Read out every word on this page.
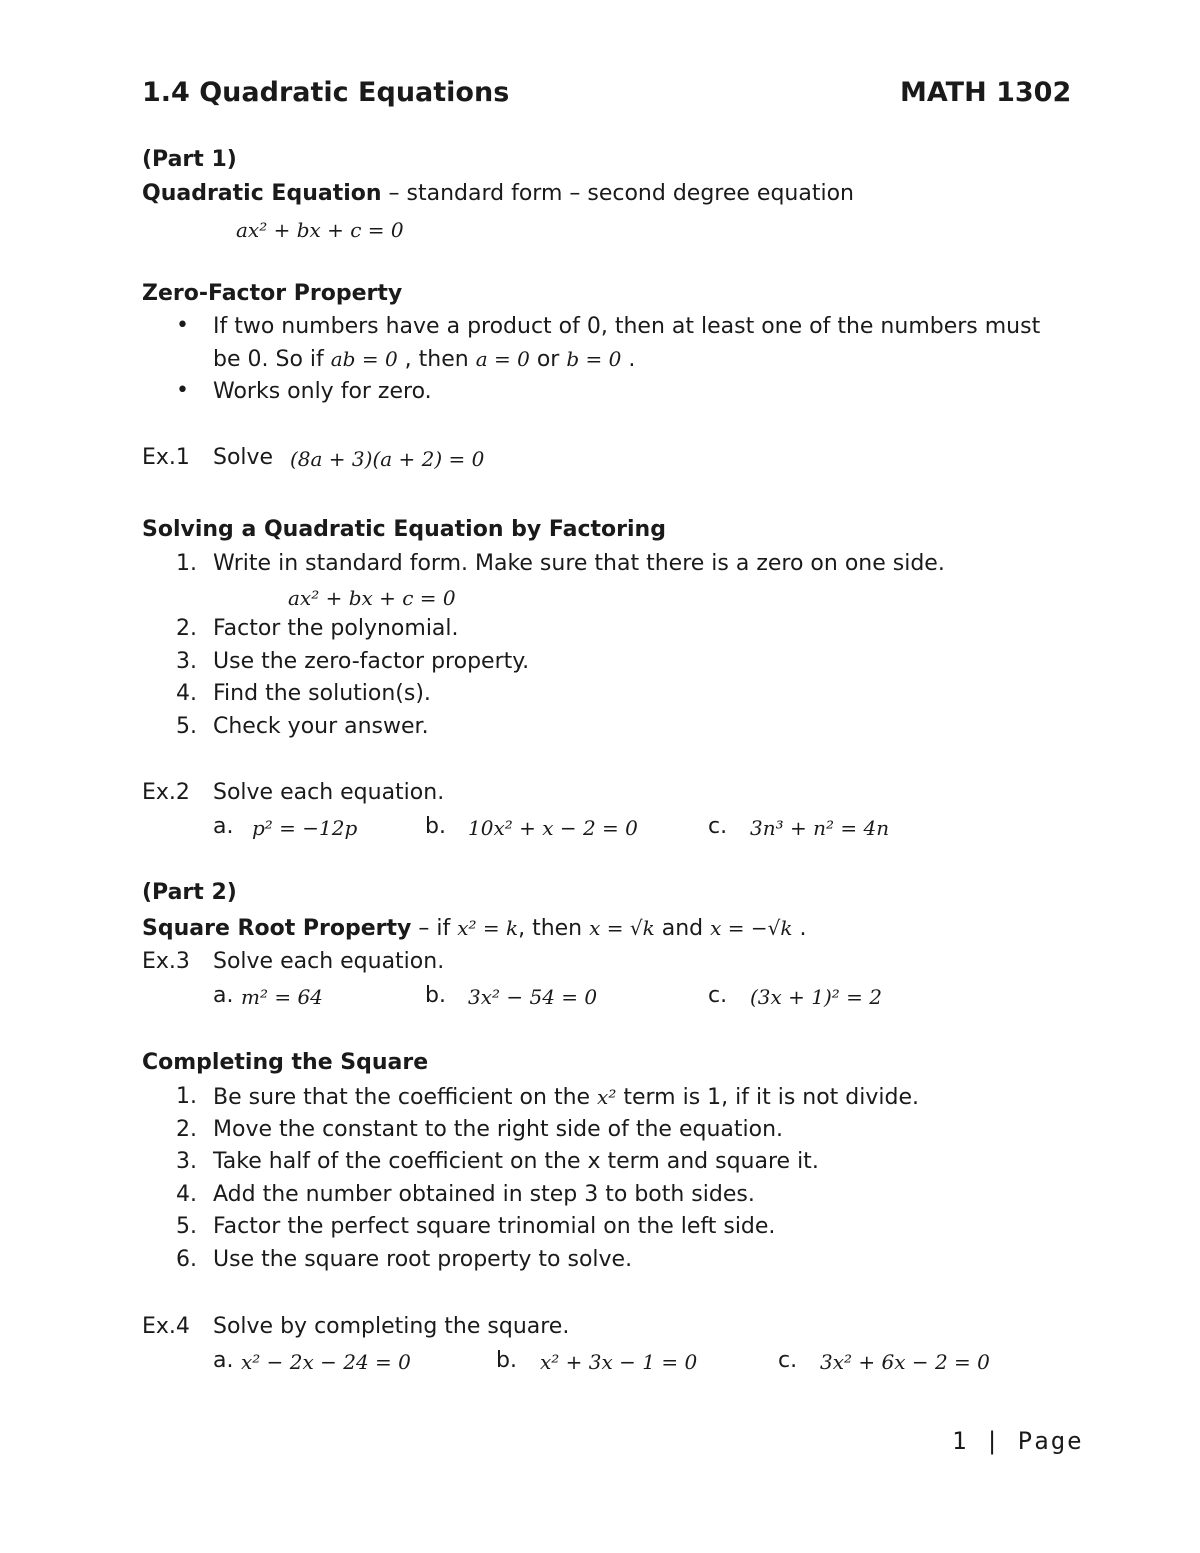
1.4 Quadratic Equations	MATH 1302
(Part 1)
Quadratic Equation – standard form – second degree equation
ax² + bx + c = 0
Zero-Factor Property
• If two numbers have a product of 0, then at least one of the numbers must
be 0. So if ab = 0 , then a = 0 or b = 0 .
• Works only for zero.
Ex.1 Solve (8a + 3)(a + 2) = 0
Solving a Quadratic Equation by Factoring
1. Write in standard form. Make sure that there is a zero on one side.
ax² + bx + c = 0
2. Factor the polynomial.
3. Use the zero-factor property.
4. Find the solution(s).
5. Check your answer.
Ex.2 Solve each equation.
a. p² = −12p	b. 10x² + x − 2 = 0	c. 3n³ + n² = 4n
(Part 2)
Square Root Property – if x² = k, then x = √k and x = −√k .
Ex.3 Solve each equation.
a. m² = 64	b. 3x² − 54 = 0	c. (3x + 1)² = 2
Completing the Square
1. Be sure that the coefficient on the x² term is 1, if it is not divide.
2. Move the constant to the right side of the equation.
3. Take half of the coefficient on the x term and square it.
4. Add the number obtained in step 3 to both sides.
5. Factor the perfect square trinomial on the left side.
6. Use the square root property to solve.
Ex.4 Solve by completing the square.
a. x² − 2x − 24 = 0	b. x² + 3x − 1 = 0	c. 3x² + 6x − 2 = 0
1 | Page
